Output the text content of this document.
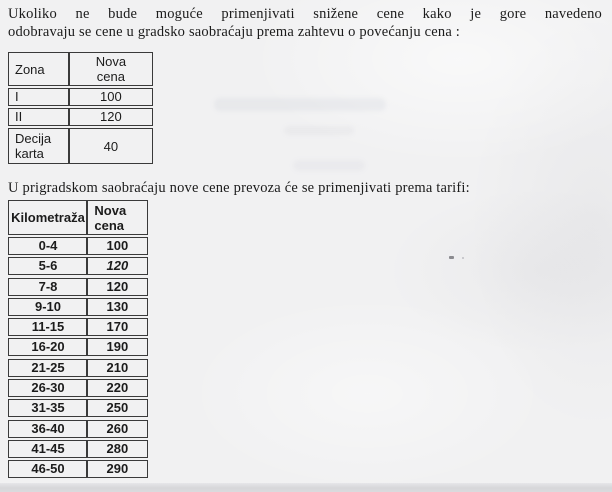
Ukoliko ne bude moguće primenjivati snižene cene kako je gore navedeno
odobravaju se cene u gradsko saobraćaju prema zahtevu o povećanju cena :
Zona	Nova
cena
I	100
II	120
Decija karta	40
U prigradskom saobraćaju nove cene prevoza će se primenjivati prema tarifi:
Kilometraža Nova
cena
0-4	100
5-6	120
7-8	120
9-10	130
11-15	170
16-20	190
21-25	210
26-30	220
31-35	250
36-40	260
41-45	280
46-50	290
